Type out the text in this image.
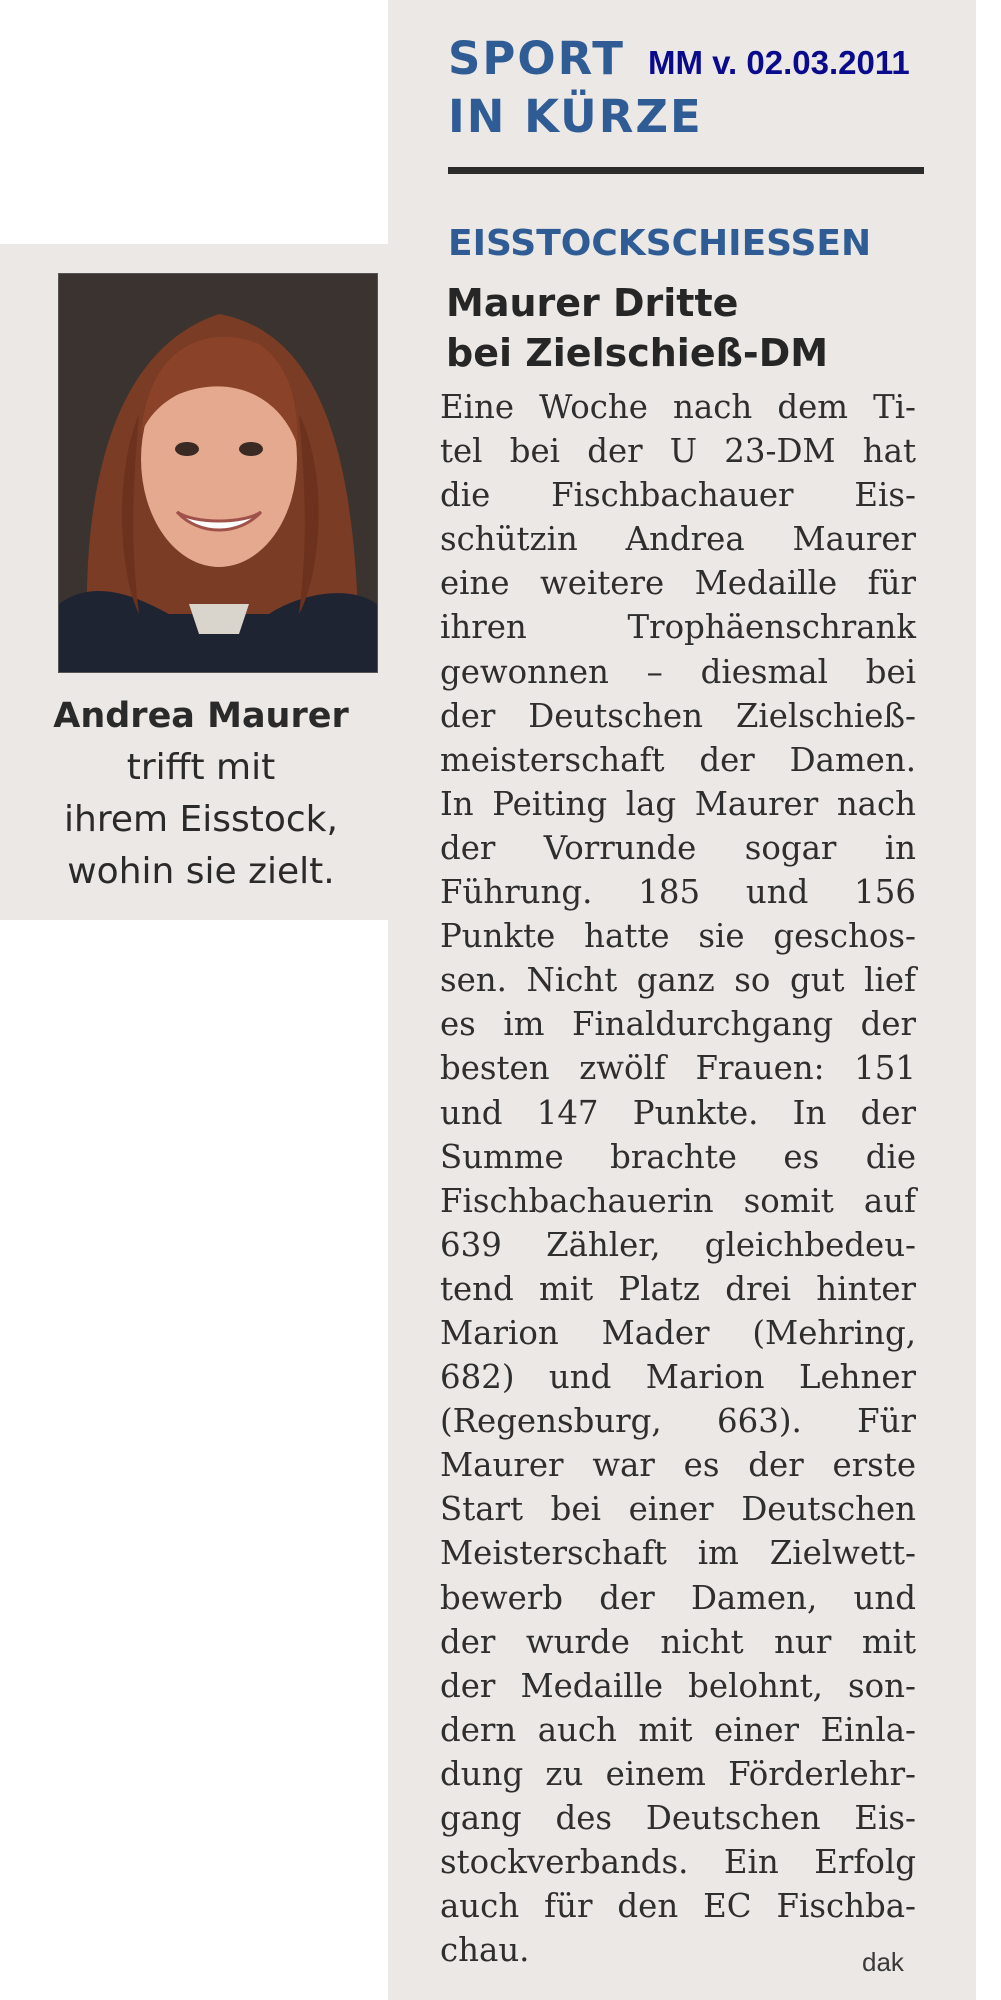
SPORT
IN KÜRZE

MM v. 02.03.2011

EISSTOCKSCHIESSEN
Maurer Dritte
bei Zielschieß-DM
Eine Woche nach dem Ti-
tel bei der U 23-DM hat
die Fischbachauer Eis-
schützin Andrea Maurer
eine weitere Medaille für
ihren Trophäenschrank
gewonnen – diesmal bei
der Deutschen Zielschieß-
meisterschaft der Damen.
In Peiting lag Maurer nach
der Vorrunde sogar in
Führung. 185 und 156
Punkte hatte sie geschos-
sen. Nicht ganz so gut lief
es im Finaldurchgang der
besten zwölf Frauen: 151
und 147 Punkte. In der
Summe brachte es die
Fischbachauerin somit auf
639 Zähler, gleichbedeu-
tend mit Platz drei hinter
Marion Mader (Mehring,
682) und Marion Lehner
(Regensburg, 663). Für
Maurer war es der erste
Start bei einer Deutschen
Meisterschaft im Zielwett-
bewerb der Damen, und
der wurde nicht nur mit
der Medaille belohnt, son-
dern auch mit einer Einla-
dung zu einem Förderlehr-
gang des Deutschen Eis-
stockverbands. Ein Erfolg
auch für den EC Fischba-
chau.	dak

Andrea Maurer
trifft mit
ihrem Eisstock,
wohin sie zielt.
